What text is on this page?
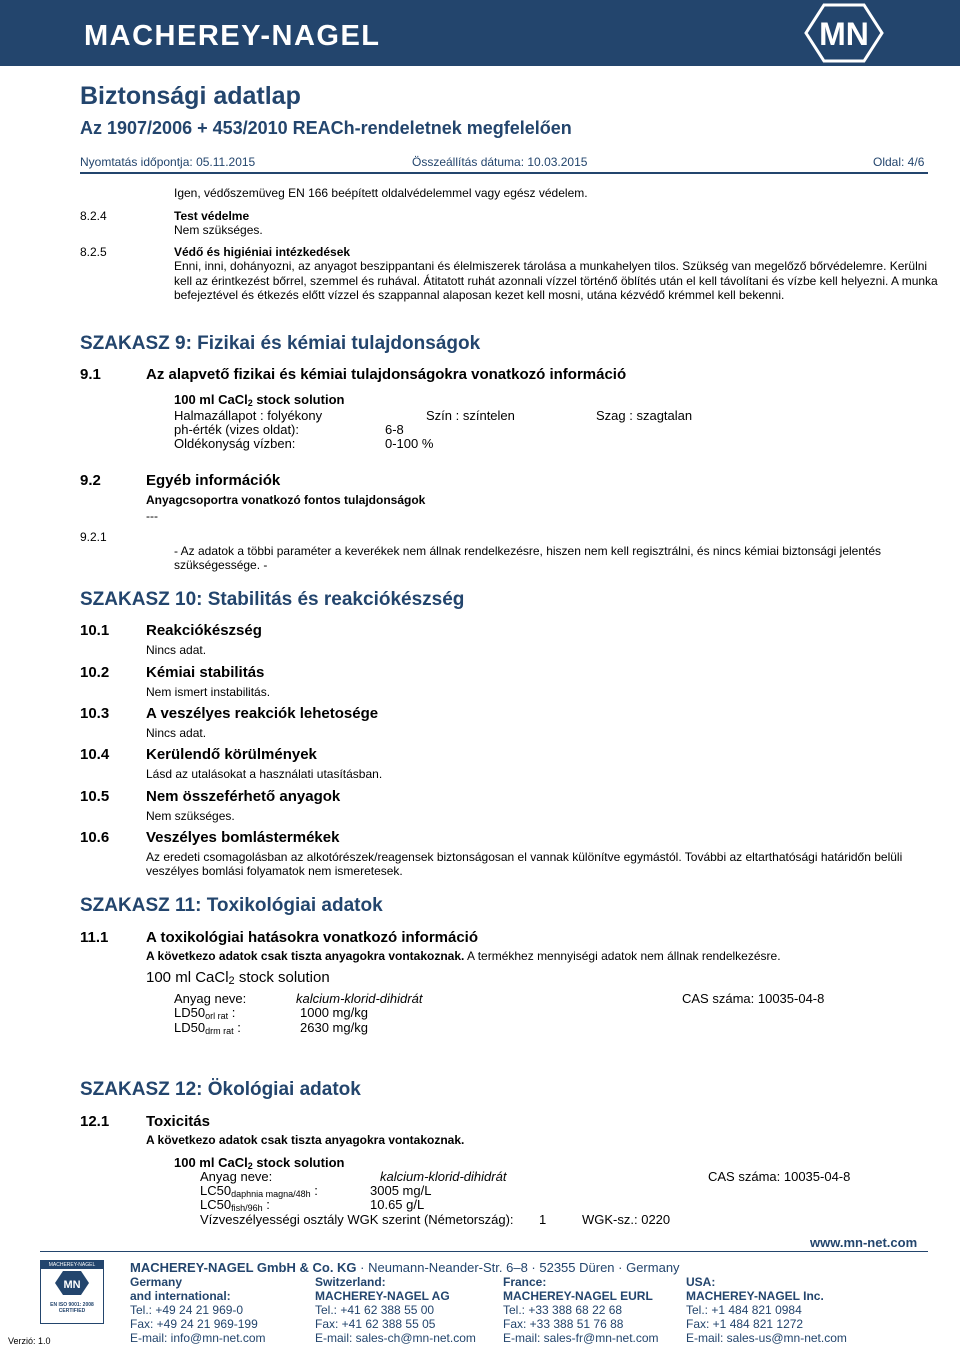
MACHEREY-NAGEL	MN
Biztonsági adatlap
Az 1907/2006 + 453/2010 REACh-rendeletnek megfelelően
Nyomtatás időpontja: 05.11.2015	Összeállítás dátuma: 10.03.2015	Oldal: 4/6
Igen, védőszemüveg EN 166 beépített oldalvédelemmel vagy egész védelem.
8.2.4	Test védelme
Nem szükséges.
8.2.5	Védő és higiéniai intézkedések
Enni, inni, dohányozni, az anyagot beszippantani és élelmiszerek tárolása a munkahelyen tilos. Szükség van megelőző bőrvédelemre. Kerülni kell az érintkezést bőrrel, szemmel és ruhával. Átitatott ruhát azonnali vízzel történő öblítés után el kell távolítani és vízbe kell helyezni. A munka befejeztével és étkezés előtt vízzel és szappannal alaposan kezet kell mosni, utána kézvédő krémmel kell bekenni.
SZAKASZ 9: Fizikai és kémiai tulajdonságok
9.1	Az alapvető fizikai és kémiai tulajdonságokra vonatkozó információ
100 ml CaCl$_2$ stock solution
Halmazállapot : folyékony	Szín : színtelen	Szag : szagtalan
ph-érték (vizes oldat):	6-8
Oldékonyság vízben:	0-100 %
9.2	Egyéb információk
Anyagcsoportra vonatkozó fontos tulajdonságok
---
9.2.1
- Az adatok a többi paraméter a keverékek nem állnak rendelkezésre, hiszen nem kell regisztrálni, és nincs kémiai biztonsági jelentés szükségessége. -
SZAKASZ 10: Stabilitás és reakciókészség
10.1 Reakciókészség
Nincs adat.
10.2 Kémiai stabilitás
Nem ismert instabilitás.
10.3 A veszélyes reakciók lehetosége
Nincs adat.
10.4 Kerülendő körülmények
Lásd az utalásokat a használati utasításban.
10.5 Nem összeférhető anyagok
Nem szükséges.
10.6 Veszélyes bomlástermékek
Az eredeti csomagolásban az alkotórészek/reagensek biztonságosan el vannak különítve egymástól. További az eltarthatósági határidőn belüli veszélyes bomlási folyamatok nem ismeretesek.
SZAKASZ 11: Toxikológiai adatok
11.1	A toxikológiai hatásokra vonatkozó információ
A következo adatok csak tiszta anyagokra vontakoznak. A termékhez mennyiségi adatok nem állnak rendelkezésre.
100 ml CaCl$_2$ stock solution
Anyag neve:	kalcium-klorid-dihidrát	CAS száma: 10035-04-8
$LD50_{orl rat}$ :	1000 mg/kg
$LD50_{drm rat}$ :	2630 mg/kg
SZAKASZ 12: Ökológiai adatok
12.1 Toxicitás
A következo adatok csak tiszta anyagokra vontakoznak.
100 ml CaCl$_2$ stock solution
Anyag neve:	kalcium-klorid-dihidrát	CAS száma: 10035-04-8
$LC50_{daphnia magna/48h}$ :	3005 mg/L
$LC50_{fish/96h}$ :	10.65 g/L
Vízveszélyességi osztály WGK szerint (Németország): 1	WGK-sz.: 0220
www.mn-net.com
MACHEREY-NAGEL
MN
EN ISO 9001: 2008
CERTIFIED
Verzió: 1.0
MACHEREY-NAGEL GmbH & Co. KG · Neumann-Neander-Str. 6–8 · 52355 Düren · Germany
Germany
and international:
Tel.: +49 24 21 969-0
Fax: +49 24 21 969-199
E-mail: info@mn-net.com
Switzerland:
MACHEREY-NAGEL AG
Tel.: +41 62 388 55 00
Fax: +41 62 388 55 05
E-mail: sales-ch@mn-net.com
France:
MACHEREY-NAGEL EURL
Tel.: +33 388 68 22 68
Fax: +33 388 51 76 88
E-mail: sales-fr@mn-net.com
USA:
MACHEREY-NAGEL Inc.
Tel.: +1 484 821 0984
Fax: +1 484 821 1272
E-mail: sales-us@mn-net.com
